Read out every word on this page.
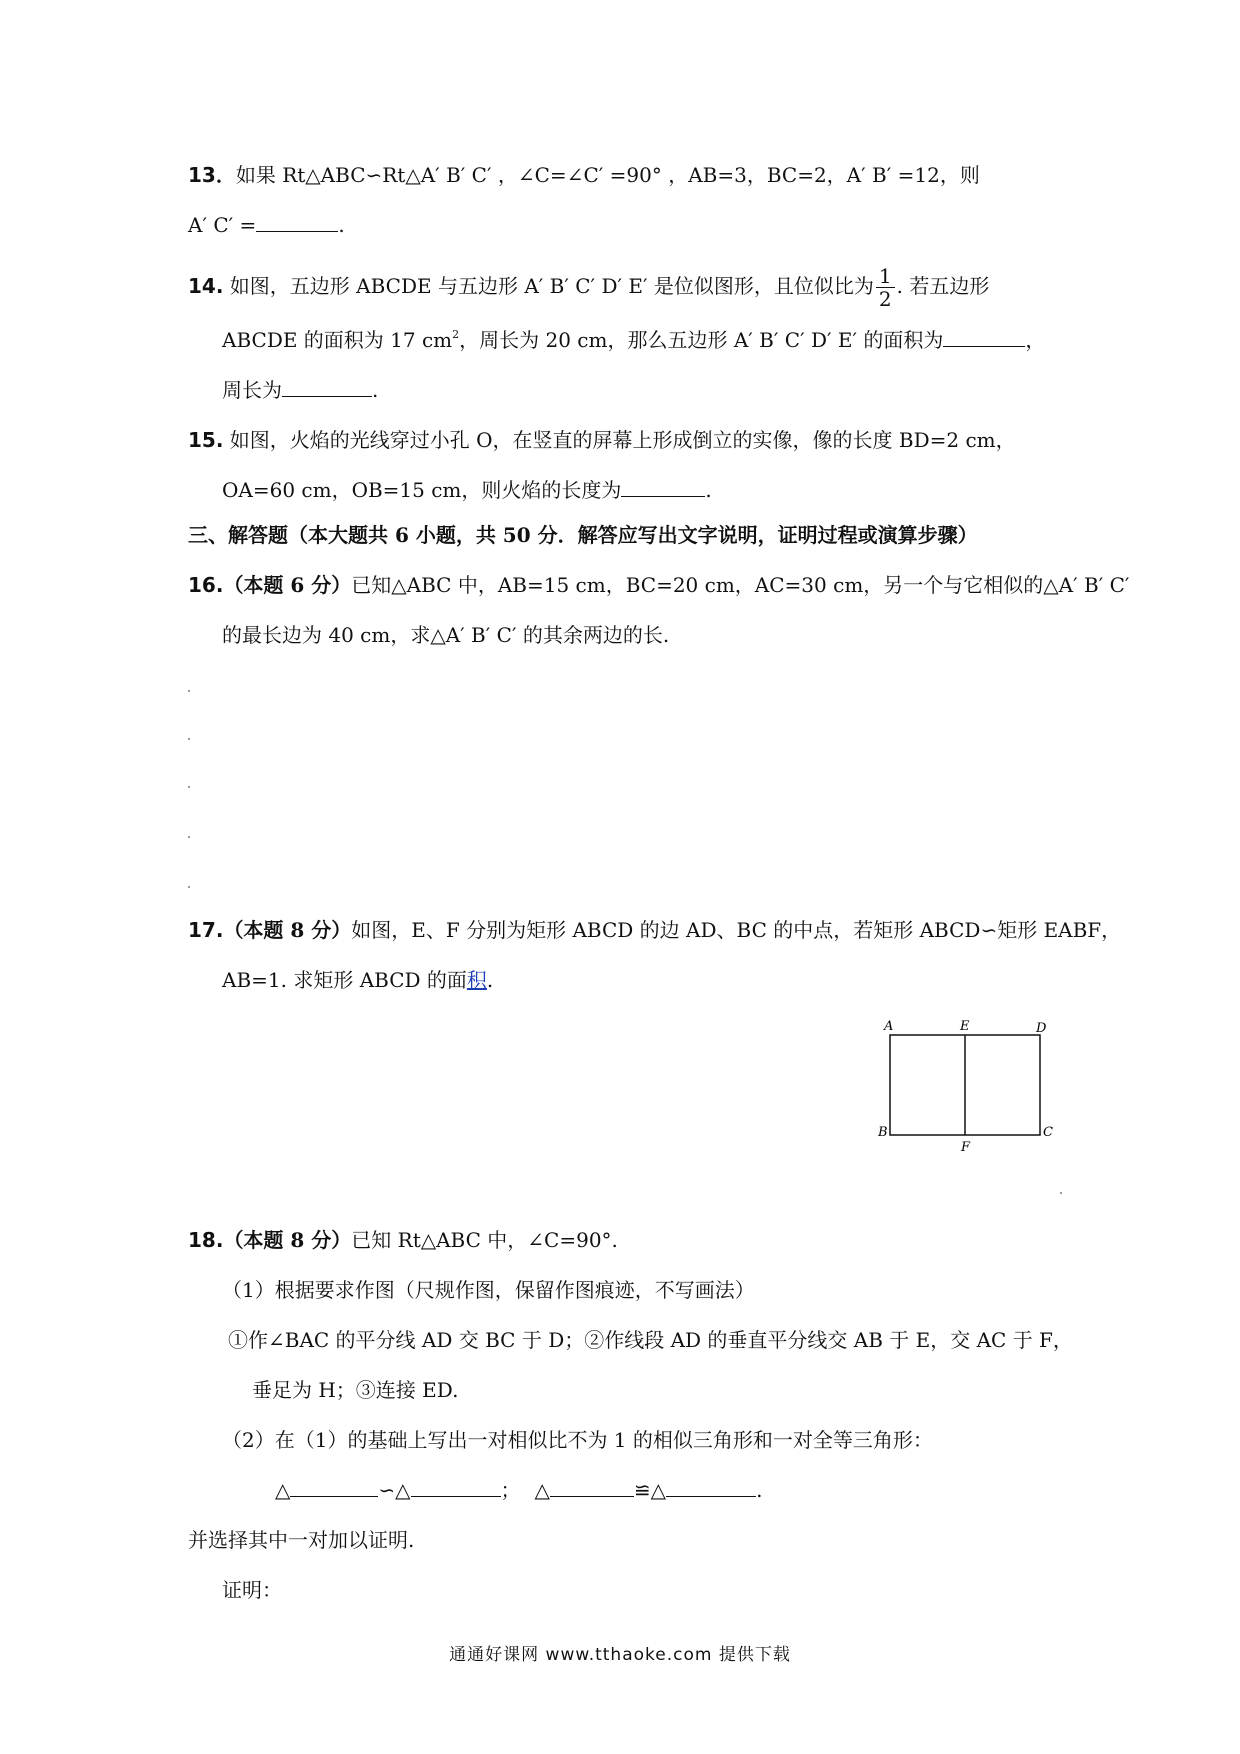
13．如果 Rt△ABC∽Rt△A′ B′ C′ ，∠C=∠C′ =90° ，AB=3，BC=2，A′ B′ =12，则
A′ C′ =	.
14. 如图，五边形 ABCDE 与五边形 A′ B′ C′ D′ E′ 是位似图形，且位似比为 $\frac{1}{2}$ . 若五边形
ABCDE 的面积为 17 $cm^2$，周长为 20 cm，那么五边形 A′ B′ C′ D′ E′ 的面积为	，
周长为	.
15. 如图，火焰的光线穿过小孔 O，在竖直的屏幕上形成倒立的实像，像的长度 BD=2 cm，
OA=60 cm，OB=15 cm，则火焰的长度为	.
三、解答题（本大题共 6 小题，共 50 分．解答应写出文字说明，证明过程或演算步骤）
16.（本题 6 分）已知△ABC 中，AB=15 cm，BC=20 cm，AC=30 cm，另一个与它相似的△A′ B′ C′
的最长边为 40 cm，求△A′ B′ C′ 的其余两边的长.
17.（本题 8 分）如图，E、F 分别为矩形 ABCD 的边 AD、BC 的中点，若矩形 ABCD∽矩形 EABF，
AB=1. 求矩形 ABCD 的面积.
A	E	D
B
F
C
18.（本题 8 分）已知 Rt△ABC 中，∠C=90°.
（1）根据要求作图（尺规作图，保留作图痕迹，不写画法）
①作∠BAC 的平分线 AD 交 BC 于 D；②作线段 AD 的垂直平分线交 AB 于 E，交 AC 于 F，
垂足为 H；③连接 ED.
（2）在（1）的基础上写出一对相似比不为 1 的相似三角形和一对全等三角形：
△	∽△	； △	≌△	.
并选择其中一对加以证明.
证明：
通通好课网 www.tthaoke.com 提供下载
